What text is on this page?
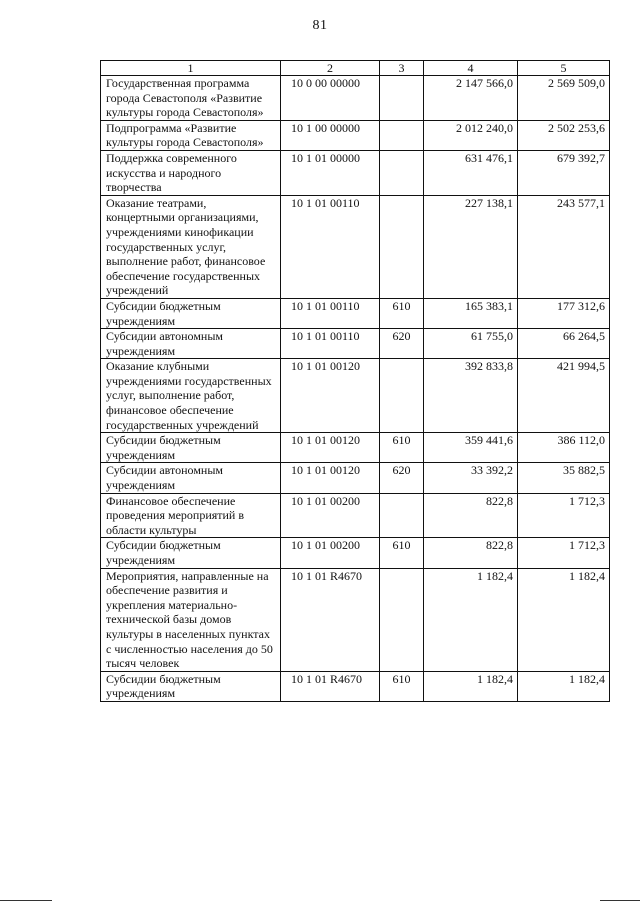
81
1	2	3	4	5
Государственная программа города Севастополя «Развитие культуры города Севастополя»	10 0 00 00000		2 147 566,0	2 569 509,0
Подпрограмма «Развитие культуры города Севастополя»	10 1 00 00000		2 012 240,0	2 502 253,6
Поддержка современного искусства и народного творчества	10 1 01 00000		631 476,1	679 392,7
Оказание театрами, концертными организациями, учреждениями кинофикации государственных услуг, выполнение работ, финансовое обеспечение государственных учреждений	10 1 01 00110		227 138,1	243 577,1
Субсидии бюджетным учреждениям	10 1 01 00110	610	165 383,1	177 312,6
Субсидии автономным учреждениям	10 1 01 00110	620	61 755,0	66 264,5
Оказание клубными учреждениями государственных услуг, выполнение работ, финансовое обеспечение государственных учреждений	10 1 01 00120		392 833,8	421 994,5
Субсидии бюджетным учреждениям	10 1 01 00120	610	359 441,6	386 112,0
Субсидии автономным учреждениям	10 1 01 00120	620	33 392,2	35 882,5
Финансовое обеспечение проведения мероприятий в области культуры	10 1 01 00200		822,8	1 712,3
Субсидии бюджетным учреждениям	10 1 01 00200	610	822,8	1 712,3
Мероприятия, направленные на обеспечение развития и укрепления материально-технической базы домов культуры в населенных пунктах с численностью населения до 50 тысяч человек	10 1 01 R4670		1 182,4	1 182,4
Субсидии бюджетным учреждениям	10 1 01 R4670	610	1 182,4	1 182,4
